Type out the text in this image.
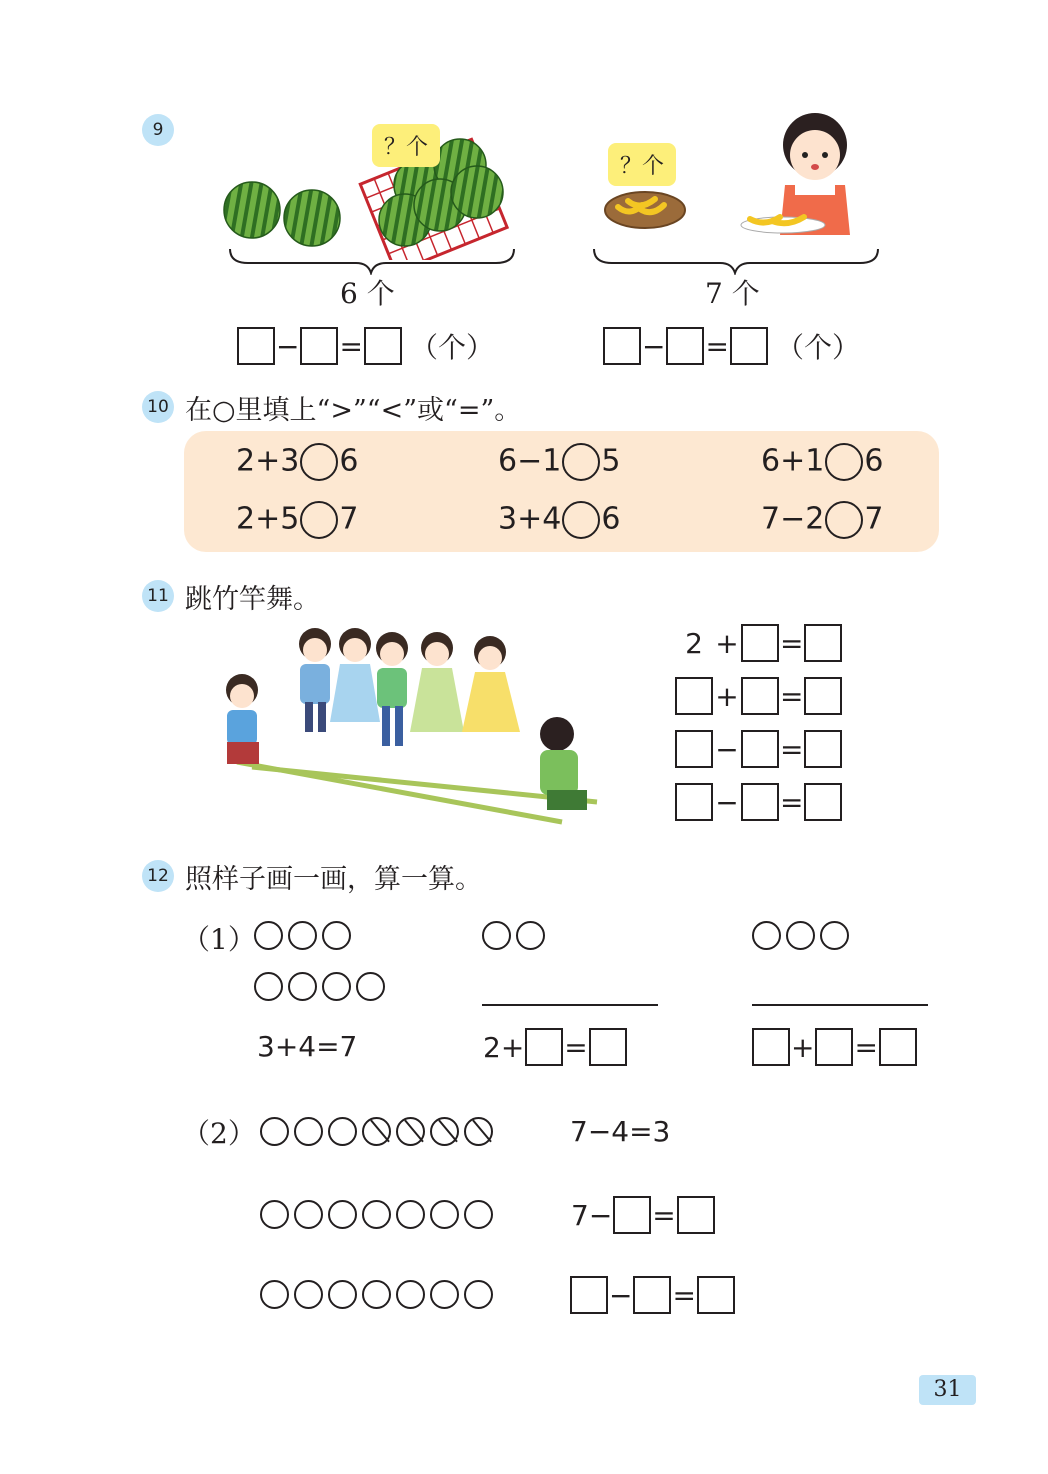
9
？个
6 个
− = （个）
？个
7 个
− = （个）
10 在○里填上“>”“<”或“=”。
2+3 6	6−1 5	6+1 6
2+5 7	3+4 6	7−2 7
11 跳竹竿舞。
2 + =
+ =
− =
− =
12 照样子画一画，算一算。
（1）
3+4=7	2+ =	+ =
（2）	7−4=3
7− =
− =
31
